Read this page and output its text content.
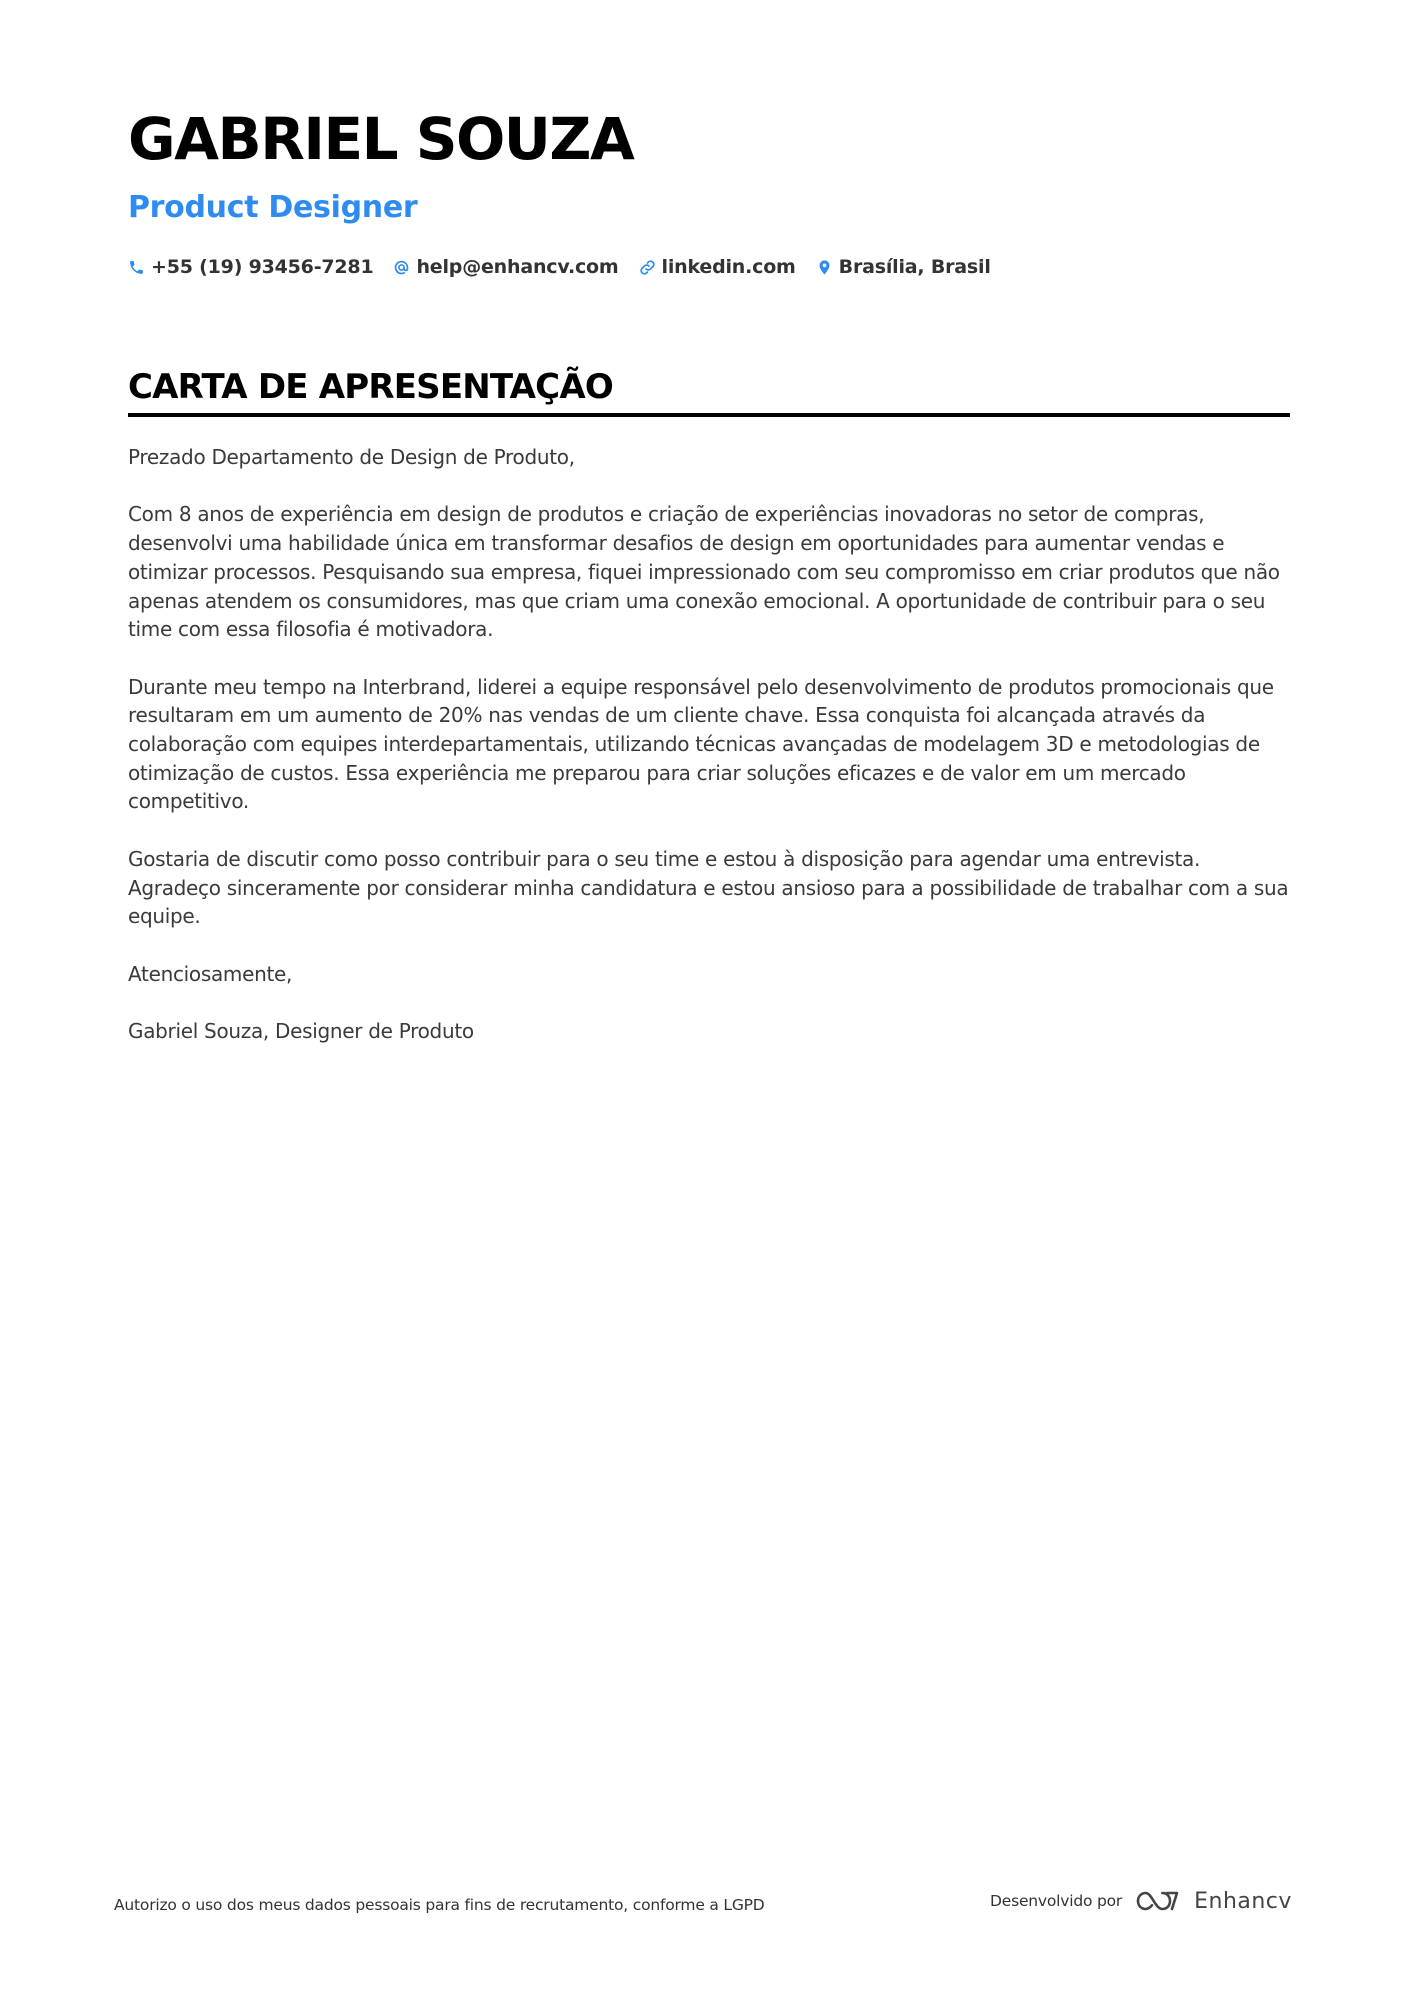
GABRIEL SOUZA
Product Designer
+55 (19) 93456-7281 help@enhancv.com linkedin.com Brasília, Brasil
CARTA DE APRESENTAÇÃO

Prezado Departamento de Design de Produto,

Com 8 anos de experiência em design de produtos e criação de experiências inovadoras no setor de compras, desenvolvi uma habilidade única em transformar desafios de design em oportunidades para aumentar vendas e otimizar processos. Pesquisando sua empresa, fiquei impressionado com seu compromisso em criar produtos que não apenas atendem os consumidores, mas que criam uma conexão emocional. A oportunidade de contribuir para o seu time com essa filosofia é motivadora.

Durante meu tempo na Interbrand, liderei a equipe responsável pelo desenvolvimento de produtos promocionais que resultaram em um aumento de 20% nas vendas de um cliente chave. Essa conquista foi alcançada através da colaboração com equipes interdepartamentais, utilizando técnicas avançadas de modelagem 3D e metodologias de otimização de custos. Essa experiência me preparou para criar soluções eficazes e de valor em um mercado competitivo.

Gostaria de discutir como posso contribuir para o seu time e estou à disposição para agendar uma entrevista. Agradeço sinceramente por considerar minha candidatura e estou ansioso para a possibilidade de trabalhar com a sua equipe.

Atenciosamente,

Gabriel Souza, Designer de Produto

Autorizo o uso dos meus dados pessoais para fins de recrutamento, conforme a LGPD	Desenvolvido por	Enhancv
